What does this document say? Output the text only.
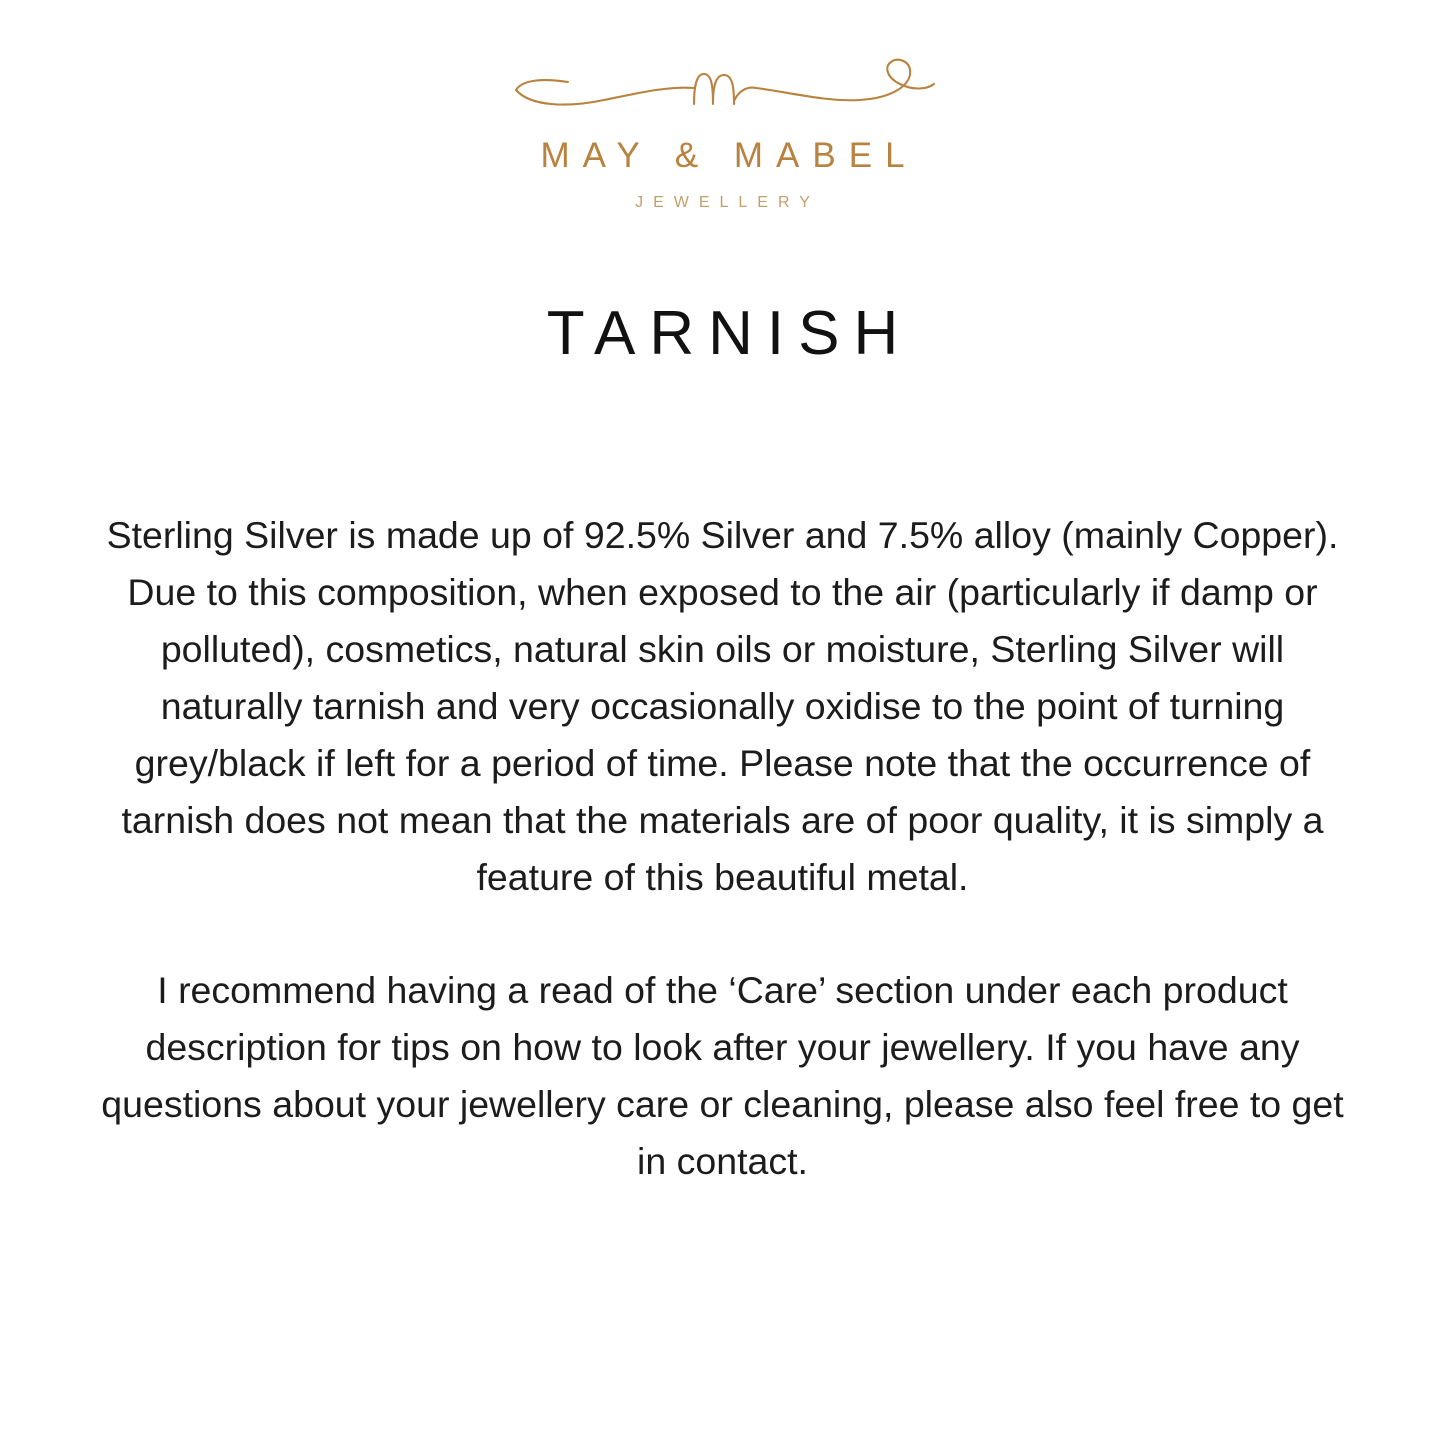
MAY & MABEL
JEWELLERY
TARNISH

Sterling Silver is made up of 92.5% Silver and 7.5% alloy (mainly Copper). Due to this composition, when exposed to the air (particularly if damp or polluted), cosmetics, natural skin oils or moisture, Sterling Silver will naturally tarnish and very occasionally oxidise to the point of turning grey/black if left for a period of time. Please note that the occurrence of tarnish does not mean that the materials are of poor quality, it is simply a feature of this beautiful metal.

I recommend having a read of the ‘Care’ section under each product description for tips on how to look after your jewellery. If you have any questions about your jewellery care or cleaning, please also feel free to get in contact.
